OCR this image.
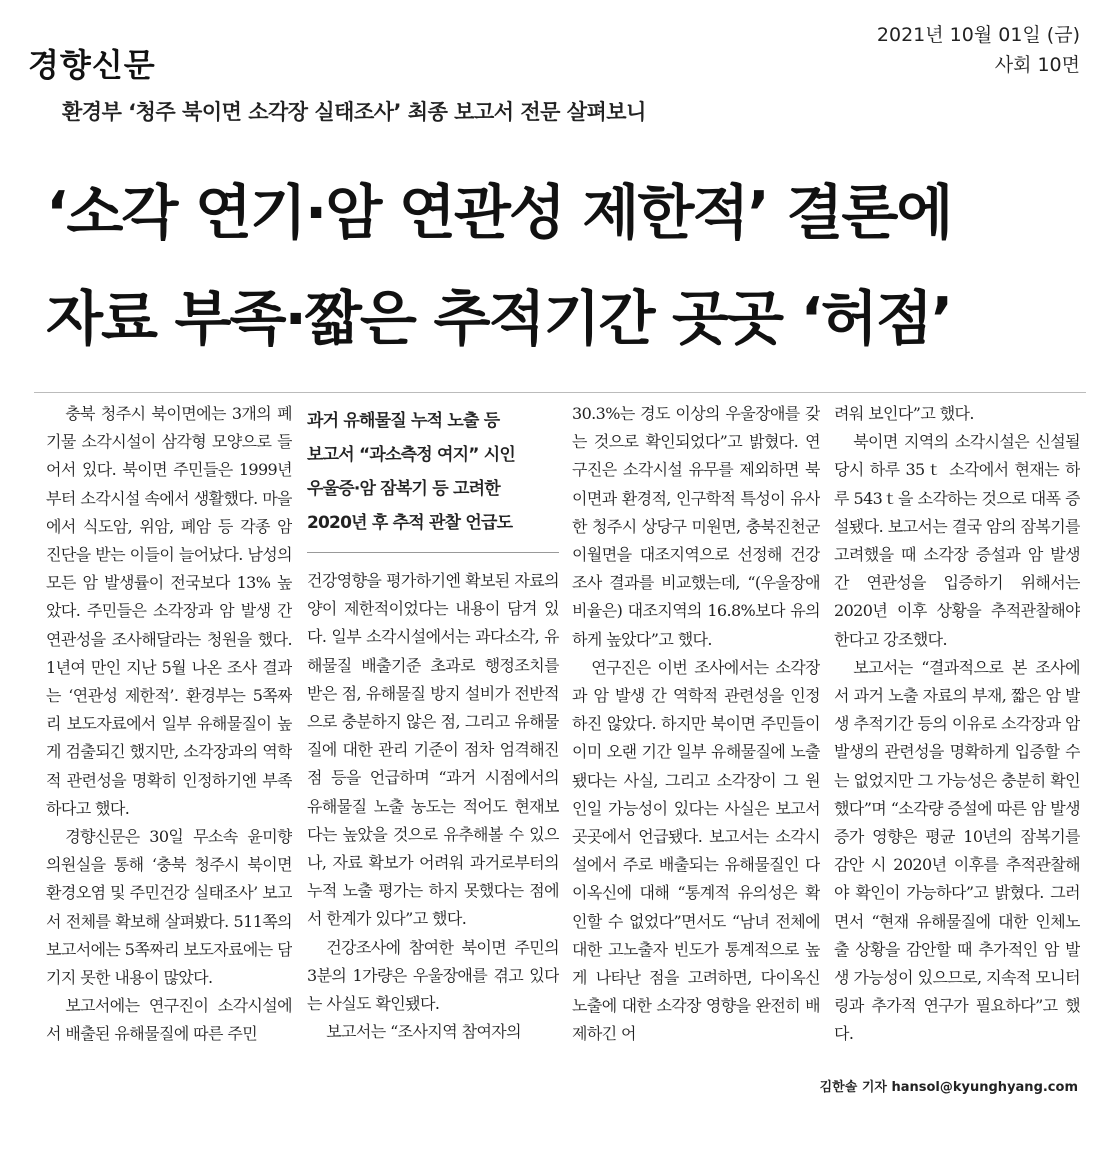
경향신문
2021년 10월 01일 (금)
사회 10면
환경부 ‘청주 북이면 소각장 실태조사’ 최종 보고서 전문 살펴보니
‘소각 연기·암 연관성 제한적’ 결론에
자료 부족·짧은 추적기간 곳곳 ‘허점’

충북 청주시 북이면에는 3개의 폐기물 소각시설이 삼각형 모양으로 들어서 있다. 북이면 주민들은 1999년부터 소각시설 속에서 생활했다. 마을에서 식도암, 위암, 폐암 등 각종 암 진단을 받는 이들이 늘어났다. 남성의 모든 암 발생률이 전국보다 13% 높았다. 주민들은 소각장과 암 발생 간 연관성을 조사해달라는 청원을 했다. 1년여 만인 지난 5월 나온 조사 결과는 ‘연관성 제한적’. 환경부는 5쪽짜리 보도자료에서 일부 유해물질이 높게 검출되긴 했지만, 소각장과의 역학적 관련성을 명확히 인정하기엔 부족하다고 했다.

경향신문은 30일 무소속 윤미향 의원실을 통해 ‘충북 청주시 북이면 환경오염 및 주민건강 실태조사’ 보고서 전체를 확보해 살펴봤다. 511쪽의 보고서에는 5쪽짜리 보도자료에는 담기지 못한 내용이 많았다.

보고서에는 연구진이 소각시설에서 배출된 유해물질에 따른 주민

과거 유해물질 누적 노출 등
보고서 “과소측정 여지” 시인
우울증·암 잠복기 등 고려한
2020년 후 추적 관찰 언급도

건강영향을 평가하기엔 확보된 자료의 양이 제한적이었다는 내용이 담겨 있다. 일부 소각시설에서는 과다소각, 유해물질 배출기준 초과로 행정조치를 받은 점, 유해물질 방지 설비가 전반적으로 충분하지 않은 점, 그리고 유해물질에 대한 관리 기준이 점차 엄격해진 점 등을 언급하며 “과거 시점에서의 유해물질 노출 농도는 적어도 현재보다는 높았을 것으로 유추해볼 수 있으나, 자료 확보가 어려워 과거로부터의 누적 노출 평가는 하지 못했다는 점에서 한계가 있다”고 했다.

건강조사에 참여한 북이면 주민의 3분의 1가량은 우울장애를 겪고 있다는 사실도 확인됐다.

보고서는 “조사지역 참여자의

30.3%는 경도 이상의 우울장애를 갖는 것으로 확인되었다”고 밝혔다. 연구진은 소각시설 유무를 제외하면 북이면과 환경적, 인구학적 특성이 유사한 청주시 상당구 미원면, 충북진천군 이월면을 대조지역으로 선정해 건강조사 결과를 비교했는데, “(우울장애 비율은) 대조지역의 16.8%보다 유의하게 높았다”고 했다.

연구진은 이번 조사에서는 소각장과 암 발생 간 역학적 관련성을 인정하진 않았다. 하지만 북이면 주민들이 이미 오랜 기간 일부 유해물질에 노출됐다는 사실, 그리고 소각장이 그 원인일 가능성이 있다는 사실은 보고서 곳곳에서 언급됐다. 보고서는 소각시설에서 주로 배출되는 유해물질인 다이옥신에 대해 “통계적 유의성은 확인할 수 없었다”면서도 “남녀 전체에 대한 고노출자 빈도가 통계적으로 높게 나타난 점을 고려하면, 다이옥신 노출에 대한 소각장 영향을 완전히 배제하긴 어

려워 보인다”고 했다.

북이면 지역의 소각시설은 신설될 당시 하루 35ｔ 소각에서 현재는 하루 543ｔ을 소각하는 것으로 대폭 증설됐다. 보고서는 결국 암의 잠복기를 고려했을 때 소각장 증설과 암 발생 간 연관성을 입증하기 위해서는 2020년 이후 상황을 추적관찰해야 한다고 강조했다.

보고서는 “결과적으로 본 조사에서 과거 노출 자료의 부재, 짧은 암 발생 추적기간 등의 이유로 소각장과 암 발생의 관련성을 명확하게 입증할 수는 없었지만 그 가능성은 충분히 확인했다”며 “소각량 증설에 따른 암 발생 증가 영향은 평균 10년의 잠복기를 감안 시 2020년 이후를 추적관찰해야 확인이 가능하다”고 밝혔다. 그러면서 “현재 유해물질에 대한 인체노출 상황을 감안할 때 추가적인 암 발생 가능성이 있으므로, 지속적 모니터링과 추가적 연구가 필요하다”고 했다.

김한솔 기자 hansol@kyunghyang.com
